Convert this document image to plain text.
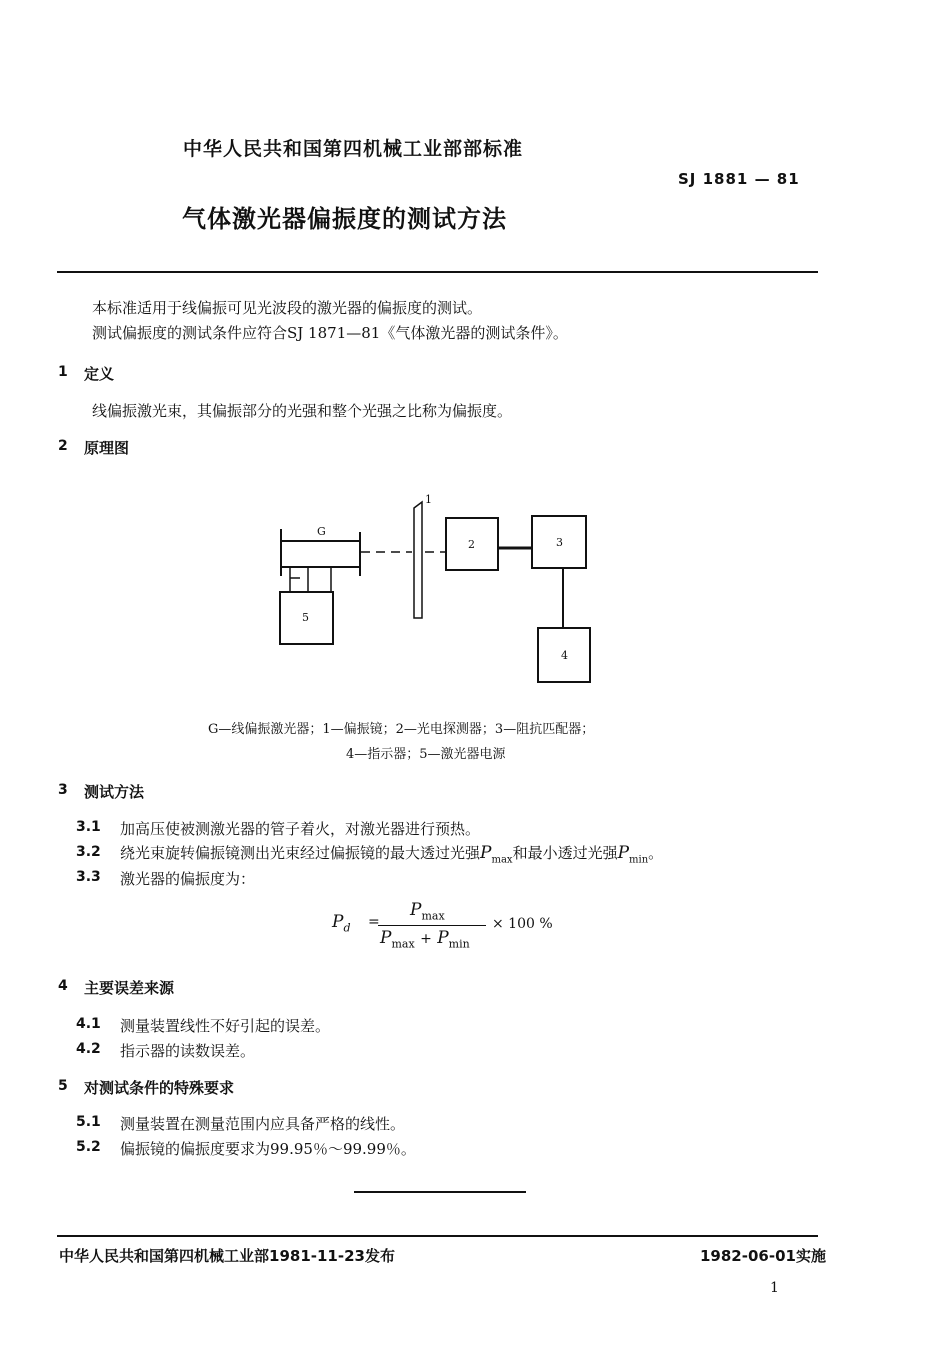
中华人民共和国第四机械工业部部标准
SJ 1881 — 81
气体激光器偏振度的测试方法
本标准适用于线偏振可见光波段的激光器的偏振度的测试。
测试偏振度的测试条件应符合SJ 1871—81《气体激光器的测试条件》。
1 定义
线偏振激光束，其偏振部分的光强和整个光强之比称为偏振度。
2 原理图
G
1
2	3
4
5
G—线偏振激光器；1—偏振镜；2—光电探测器；3—阻抗匹配器；
4—指示器；5—激光器电源
3 测试方法
3.1 加高压使被测激光器的管子着火，对激光器进行预热。
3.2 绕光束旋转偏振镜测出光束经过偏振镜的最大透过光强$P_{max}$和最小透过光强$P_{min}$。
3.3 激光器的偏振度为：
$P_d$ =
$P_{max}$
$P_{max} + P_{min}$
× 100 %
4 主要误差来源
4.1 测量装置线性不好引起的误差。
4.2 指示器的读数误差。
5 对测试条件的特殊要求
5.1 测量装置在测量范围内应具备严格的线性。
5.2 偏振镜的偏振度要求为99.95％～99.99％。
中华人民共和国第四机械工业部1981-11-23发布	1982-06-01实施
1
